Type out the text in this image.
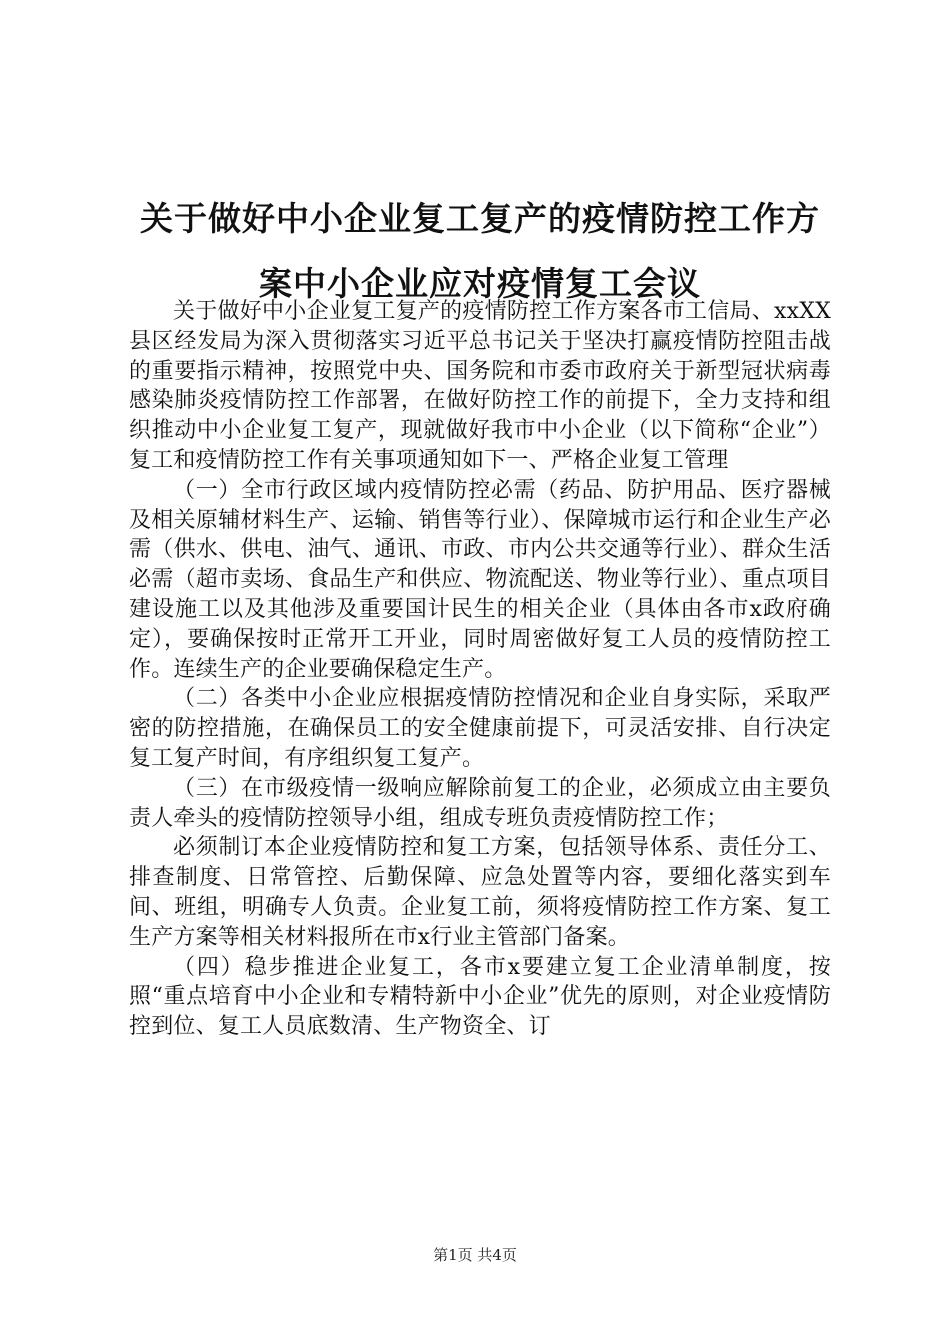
关于做好中小企业复工复产的疫情防控工作方
案中小企业应对疫情复工会议

关于做好中小企业复工复产的疫情防控工作方案各市工信局、xxXX县区经发局为深入贯彻落实习近平总书记关于坚决打赢疫情防控阻击战的重要指示精神，按照党中央、国务院和市委市政府关于新型冠状病毒感染肺炎疫情防控工作部署，在做好防控工作的前提下，全力支持和组织推动中小企业复工复产，现就做好我市中小企业（以下简称“企业”）复工和疫情防控工作有关事项通知如下一、严格企业复工管理

（一）全市行政区域内疫情防控必需（药品、防护用品、医疗器械及相关原辅材料生产、运输、销售等行业）、保障城市运行和企业生产必需（供水、供电、油气、通讯、市政、市内公共交通等行业）、群众生活必需（超市卖场、食品生产和供应、物流配送、物业等行业）、重点项目建设施工以及其他涉及重要国计民生的相关企业（具体由各市x政府确定），要确保按时正常开工开业，同时周密做好复工人员的疫情防控工作。连续生产的企业要确保稳定生产。

（二）各类中小企业应根据疫情防控情况和企业自身实际，采取严密的防控措施，在确保员工的安全健康前提下，可灵活安排、自行决定复工复产时间，有序组织复工复产。

（三）在市级疫情一级响应解除前复工的企业，必须成立由主要负责人牵头的疫情防控领导小组，组成专班负责疫情防控工作；

必须制订本企业疫情防控和复工方案，包括领导体系、责任分工、排查制度、日常管控、后勤保障、应急处置等内容，要细化落实到车间、班组，明确专人负责。企业复工前，须将疫情防控工作方案、复工生产方案等相关材料报所在市x行业主管部门备案。

（四）稳步推进企业复工，各市x要建立复工企业清单制度，按照“重点培育中小企业和专精特新中小企业”优先的原则，对企业疫情防控到位、复工人员底数清、生产物资全、订

第1页 共4页
